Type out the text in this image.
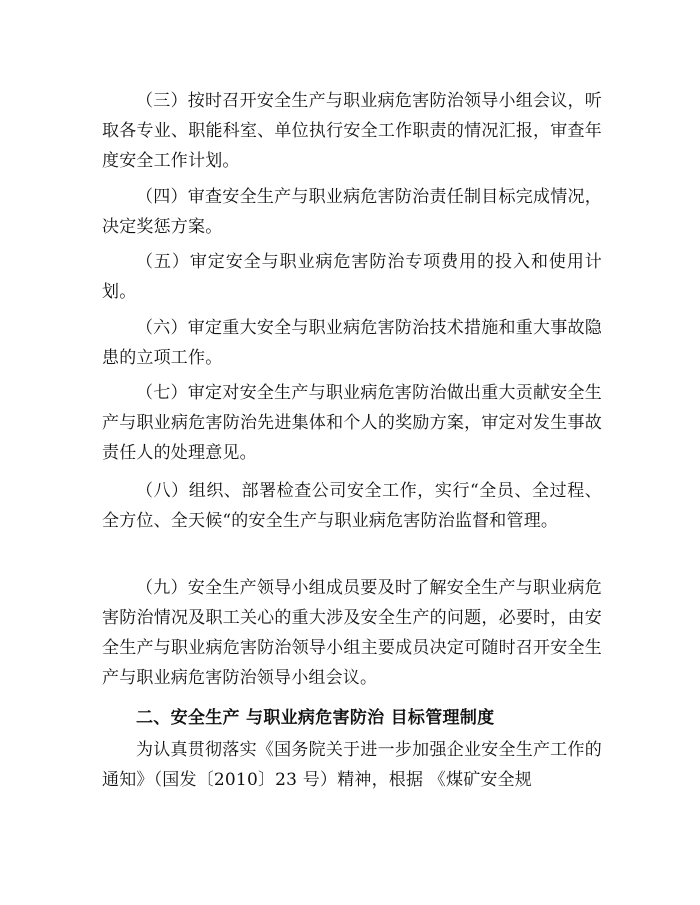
（三）按时召开安全生产与职业病危害防治领导小组会议，听取各专业、职能科室、单位执行安全工作职责的情况汇报，审查年度安全工作计划。

（四）审查安全生产与职业病危害防治责任制目标完成情况，决定奖惩方案。

（五）审定安全与职业病危害防治专项费用的投入和使用计划。

（六）审定重大安全与职业病危害防治技术措施和重大事故隐患的立项工作。

（七）审定对安全生产与职业病危害防治做出重大贡献安全生产与职业病危害防治先进集体和个人的奖励方案，审定对发生事故责任人的处理意见。

（八）组织、部署检查公司安全工作，实行“全员、全过程、全方位、全天候“的安全生产与职业病危害防治监督和管理。

（九）安全生产领导小组成员要及时了解安全生产与职业病危害防治情况及职工关心的重大涉及安全生产的问题，必要时，由安全生产与职业病危害防治领导小组主要成员决定可随时召开安全生产与职业病危害防治领导小组会议。

二、安全生产 与职业病危害防治 目标管理制度

为认真贯彻落实《国务院关于进一步加强企业安全生产工作的通知》（国发〔2010〕23 号）精神，根据 《煤矿安全规
